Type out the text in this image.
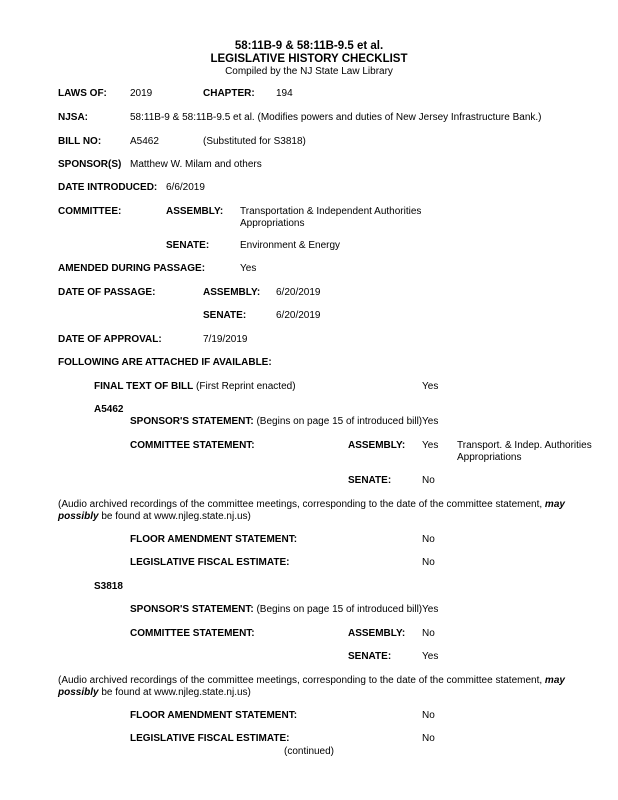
58:11B-9 & 58:11B-9.5 et al.
LEGISLATIVE HISTORY CHECKLIST
Compiled by the NJ State Law Library
LAWS OF: 2019	CHAPTER: 194
NJSA:	58:11B-9 & 58:11B-9.5 et al. (Modifies powers and duties of New Jersey Infrastructure Bank.)
BILL NO:	A5462	(Substituted for S3818)
SPONSOR(S) Matthew W. Milam and others
DATE INTRODUCED: 6/6/2019
COMMITTEE:	ASSEMBLY: Transportation & Independent Authorities
Appropriations
SENATE:	Environment & Energy
AMENDED DURING PASSAGE:	Yes
DATE OF PASSAGE:	ASSEMBLY: 6/20/2019
SENATE:	6/20/2019
DATE OF APPROVAL:	7/19/2019
FOLLOWING ARE ATTACHED IF AVAILABLE:
FINAL TEXT OF BILL (First Reprint enacted)	Yes
A5462
SPONSOR'S STATEMENT: (Begins on page 15 of introduced bill) Yes
COMMITTEE STATEMENT:	ASSEMBLY: Yes Transport. & Indep. Authorities
Appropriations
SENATE:	No
(Audio archived recordings of the committee meetings, corresponding to the date of the committee statement, may possibly be found at www.njleg.state.nj.us)
FLOOR AMENDMENT STATEMENT:	No
LEGISLATIVE FISCAL ESTIMATE:	No
S3818
SPONSOR'S STATEMENT: (Begins on page 15 of introduced bill) Yes
COMMITTEE STATEMENT:	ASSEMBLY: No
SENATE:	Yes
(Audio archived recordings of the committee meetings, corresponding to the date of the committee statement, may possibly be found at www.njleg.state.nj.us)
FLOOR AMENDMENT STATEMENT:	No
LEGISLATIVE FISCAL ESTIMATE:	No
(continued)
